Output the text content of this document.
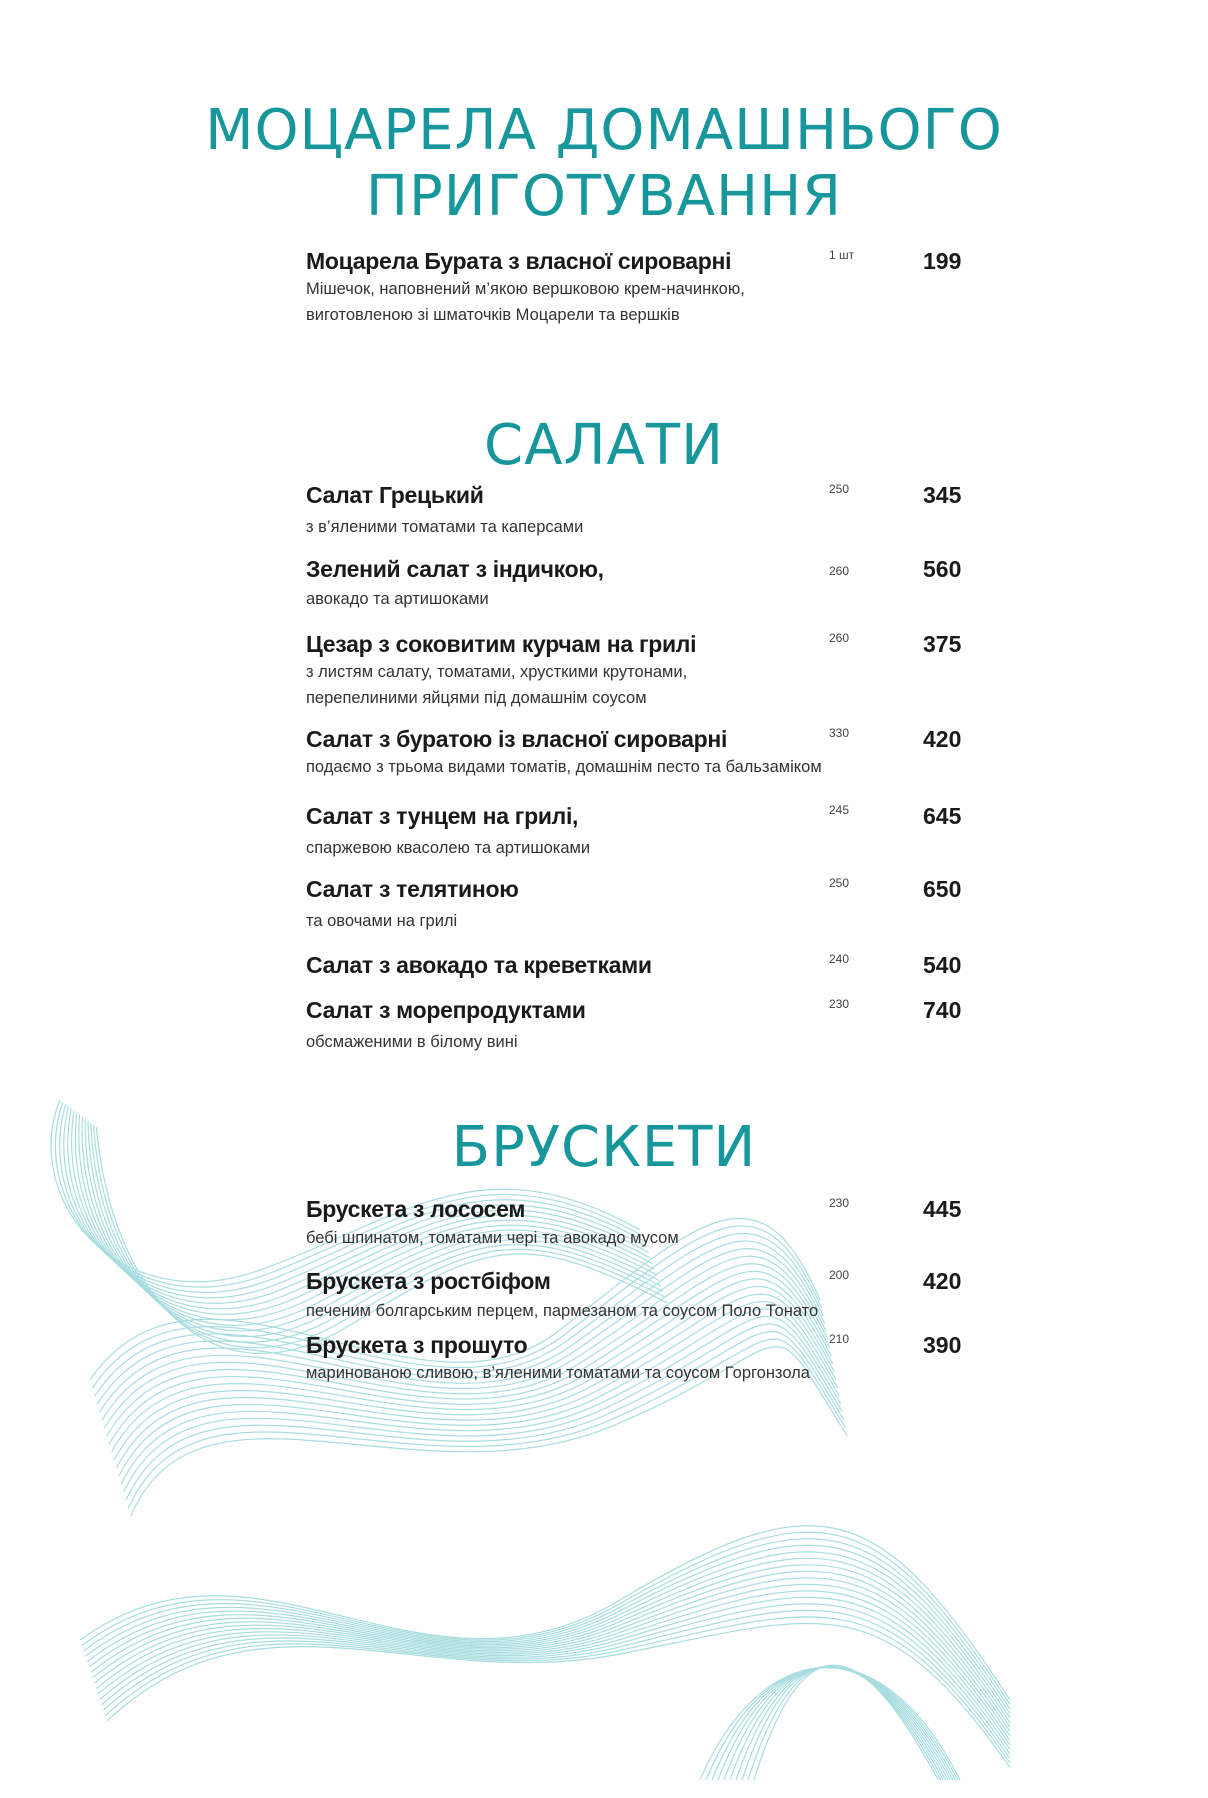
МОЦАРЕЛА ДОМАШНЬОГО
ПРИГОТУВАННЯ
Моцарела Бурата з власної сироварні
Мішечок, наповнений м’якою вершковою крем-начинкою,
виготовленою зі шматочків Моцарели та вершків
1 шт	199
САЛАТИ
Салат Грецький
з в’яленими томатами та каперсами
250	345
Зелений салат з індичкою,
авокадо та артишоками
260	560
Цезар з соковитим курчам на грилі
з листям салату, томатами, хрусткими крутонами,
перепелиними яйцями під домашнім соусом
260	375
Салат з буратою із власної сироварні
подаємо з трьома видами томатів, домашнім песто та бальзаміком
330	420
Салат з тунцем на грилі,
спаржевою квасолею та артишоками
245	645
Салат з телятиною
та овочами на грилі
250	650
Салат з авокадо та креветками	240	540
Салат з морепродуктами
обсмаженими в білому вині
230	740
БРУСКЕТИ
Брускета з лососем
бебі шпинатом, томатами чері та авокадо мусом
230	445
Брускета з ростбіфом
печеним болгарським перцем, пармезаном та соусом Поло Тонато
200	420
Брускета з прошуто
маринованою сливою, в’яленими томатами та соусом Горгонзола
210	390
